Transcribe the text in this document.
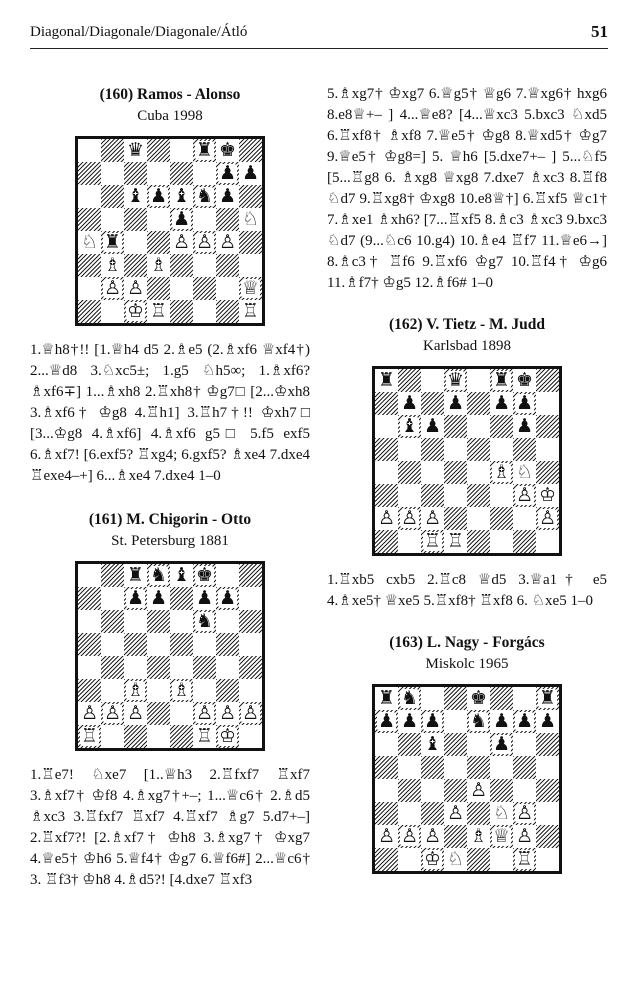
Diagonal/Diagonale/Diagonale/Átló	51
(160) Ramos - Alonso
Cuba 1998
♛	♜ ♚
♟ ♟
♝ ♟ ♝ ♞ ♟
♟	♘
♘ ♜	♙ ♙ ♙
♗ ♗
♙ ♙	♕
♔ ♖	♖
1.♕h8†!! [1.♕h4 d5 2.♗e5 (2.♗xf6 ♕xf4†) 2...♕d8 3.♘xc5±; 1.g5 ♘h5∞; 1.♗xf6? ♗xf6∓] 1...♗xh8 2.♖xh8† ♔g7□ [2...♔xh8 3.♗xf6† ♔g8 4.♖h1] 3.♖h7†!! ♔xh7□ [3...♔g8 4.♗xf6] 4.♗xf6 g5□ 5.f5 exf5 6.♗xf7! [6.exf5? ♖xg4; 6.gxf5? ♗xe4 7.dxe4 ♖exe4–+] 6...♗xe4 7.dxe4 1–0
(161) M. Chigorin - Otto
St. Petersburg 1881
♜ ♞ ♝ ♚
♟ ♟ ♟ ♟
♞
♗ ♗
♙ ♙ ♙	♙ ♙ ♙
♖	♖ ♔
1.♖e7! ♘xe7 [1..♕h3 2.♖fxf7 ♖xf7 3.♗xf7† ♔f8 4.♗xg7†+–; 1...♕c6† 2.♗d5 ♗xc3 3.♖fxf7 ♖xf7 4.♖xf7 ♗g7 5.d7+–] 2.♖xf7?! [2.♗xf7† ♔h8 3.♗xg7† ♔xg7 4.♕e5† ♔h6 5.♕f4† ♔g7 6.♕f6#] 2...♕c6† 3. ♖f3† ♔h8 4.♗d5?! [4.dxe7 ♖xf3
5.♗xg7† ♔xg7 6.♕g5† ♕g6 7.♕xg6† hxg6 8.e8♕+– ] 4...♕e8? [4...♕xc3 5.bxc3 ♘xd5 6.♖xf8† ♗xf8 7.♕e5† ♔g8 8.♕xd5† ♔g7 9.♕e5† ♔g8=] 5. ♕h6 [5.dxe7+– ] 5...♘f5 [5...♖g8 6. ♗xg8 ♕xg8 7.dxe7 ♗xc3 8.♖f8 ♘d7 9.♖xg8† ♔xg8 10.e8♕†] 6.♖xf5 ♕c1† 7.♗xe1 ♗xh6? [7...♖xf5 8.♗c3 ♗xc3 9.bxc3 ♘d7 (9...♘c6 10.g4) 10.♗e4 ♖f7 11.♕e6→] 8.♗c3† ♖f6 9.♖xf6 ♔g7 10.♖f4† ♔g6 11.♗f7† ♔g5 12.♗f6# 1–0
(162) V. Tietz - M. Judd
Karlsbad 1898
♜	♛ ♜ ♚
♟ ♟ ♟ ♟
♝ ♟	♟
♗ ♘
♙ ♔
♙ ♙ ♙	♙
♖ ♖
1.♖xb5 cxb5 2.♖c8 ♕d5 3.♕a1† e5 4.♗xe5† ♕xe5 5.♖xf8† ♖xf8 6. ♘xe5 1–0
(163) L. Nagy - Forgács
Miskolc 1965
♜ ♞	♚	♜
♟ ♟ ♟ ♞ ♟ ♟ ♟
♝	♟
♙
♙ ♘ ♙
♙ ♙ ♙ ♗ ♕ ♙
♔ ♘	♖
